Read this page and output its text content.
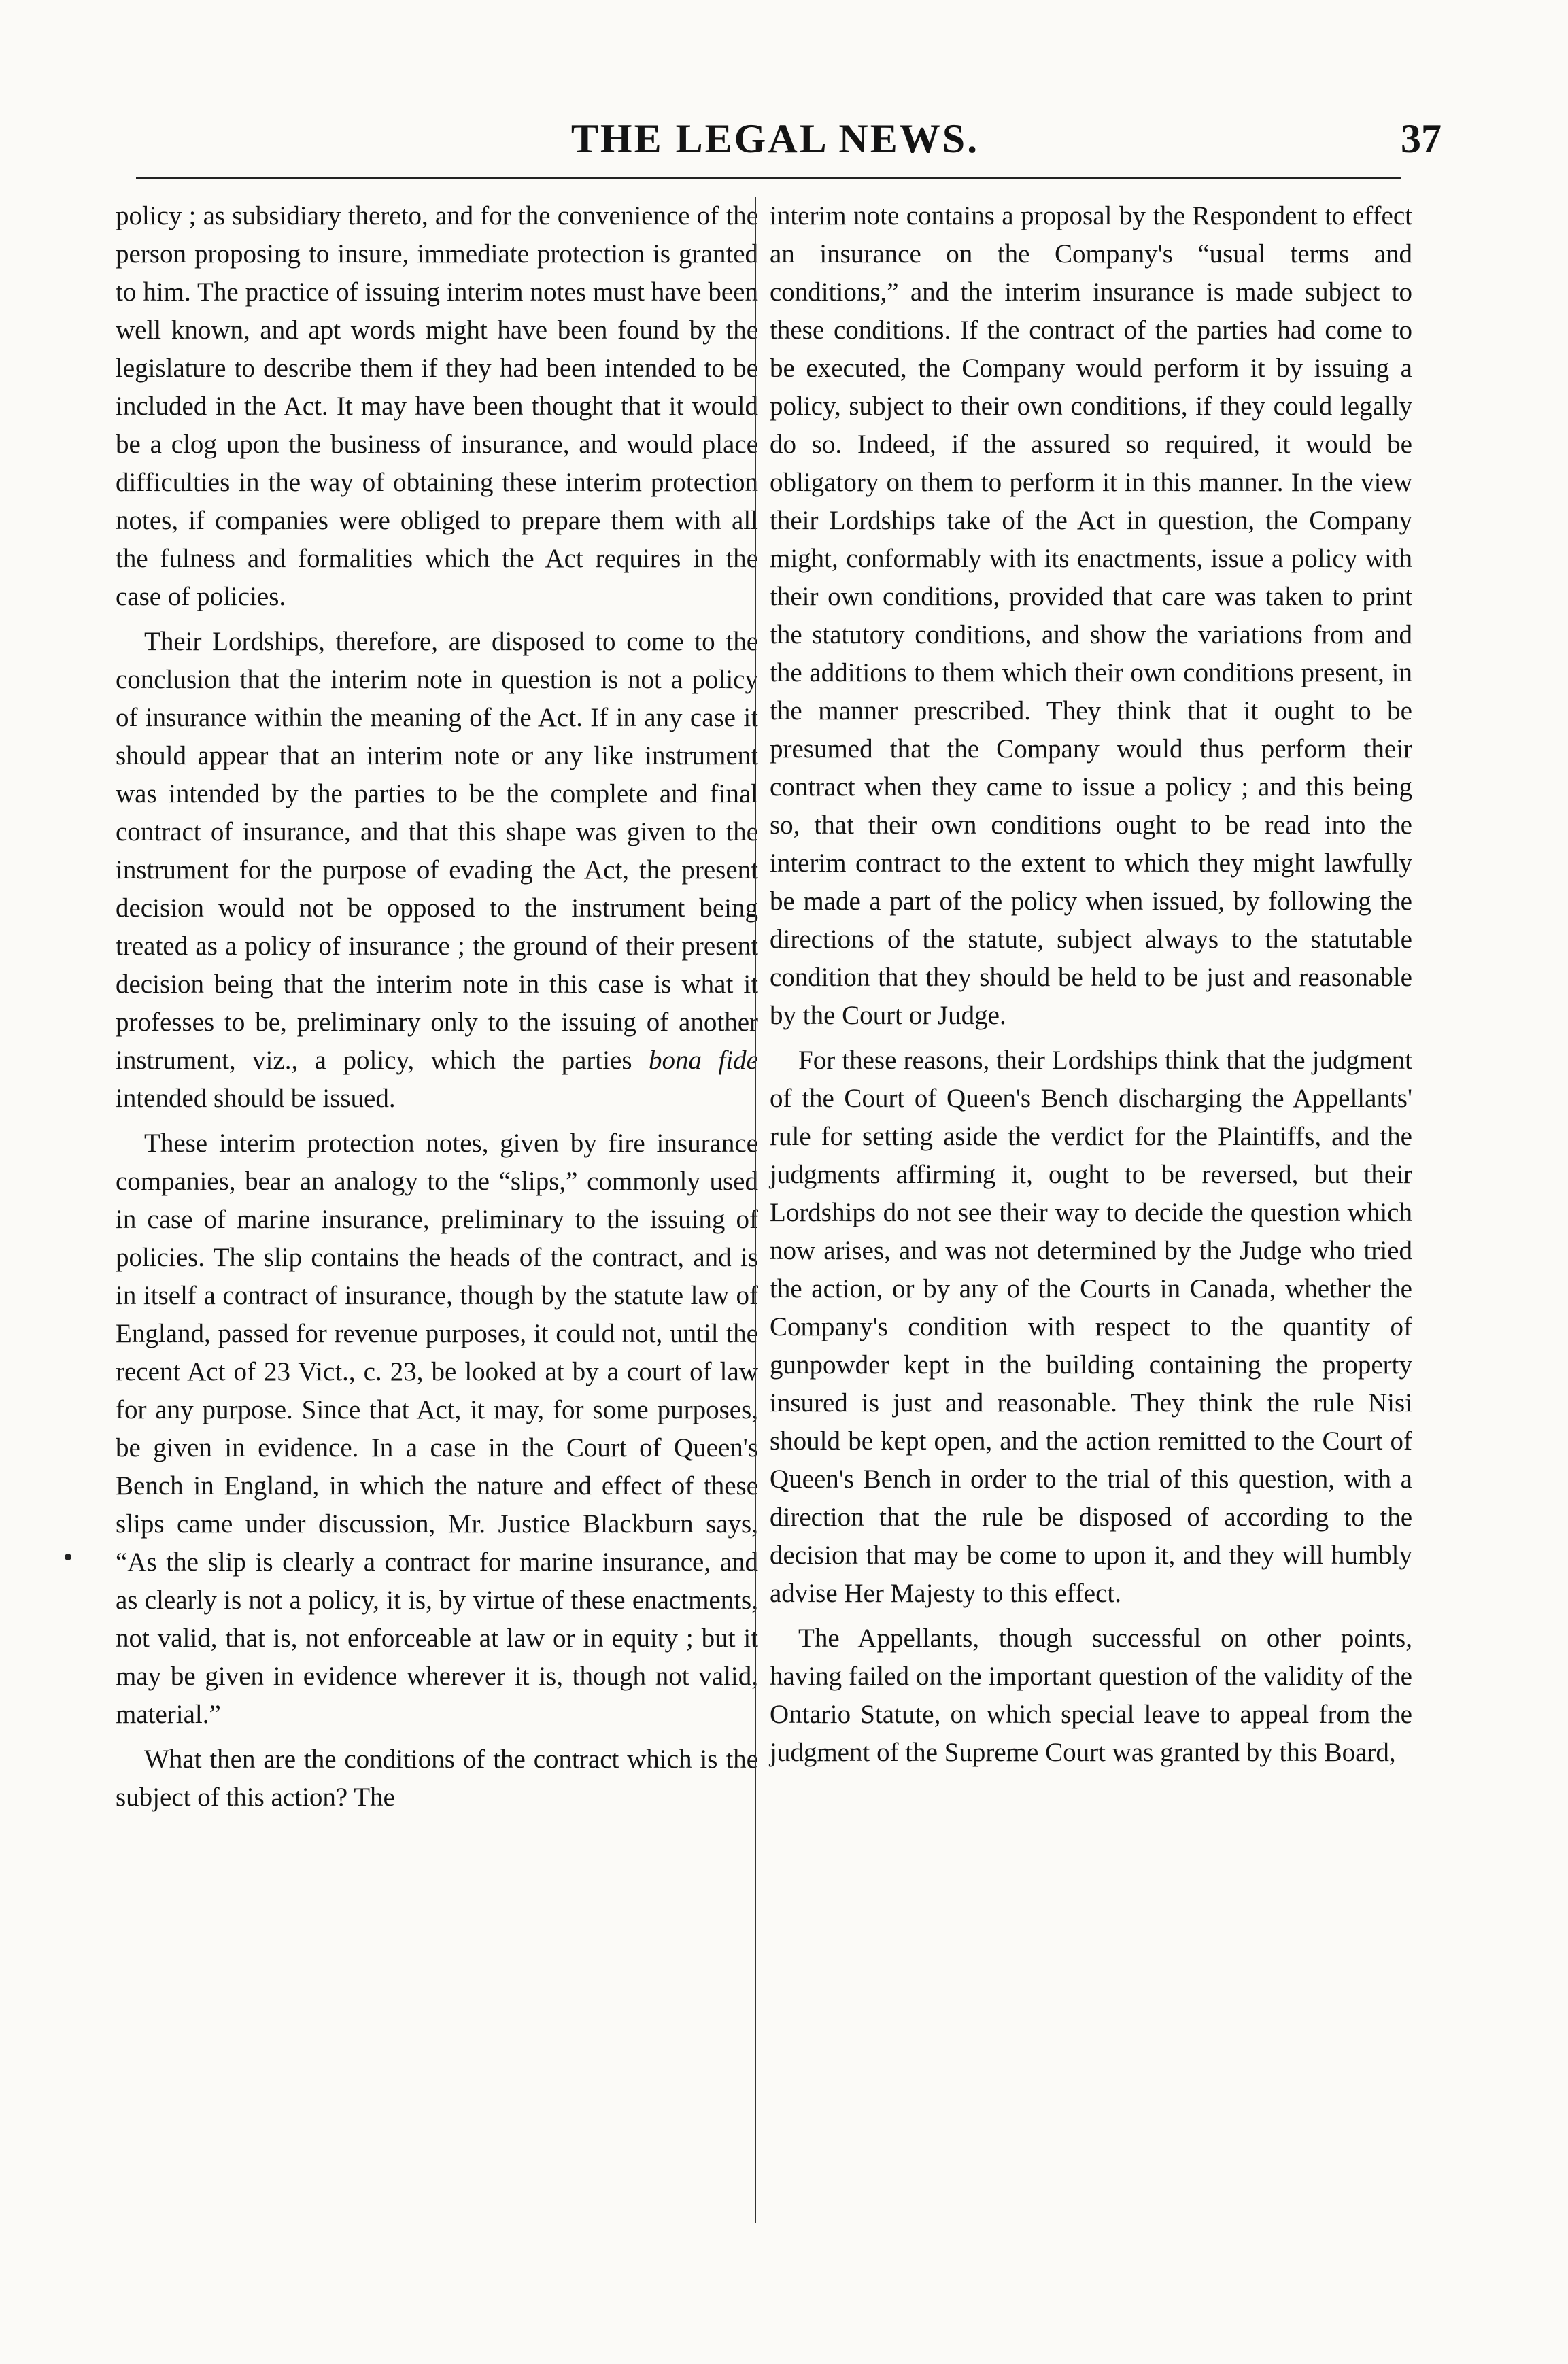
THE LEGAL NEWS.	37

policy ; as subsidiary thereto, and for the convenience of the person proposing to insure, immediate protection is granted to him. The practice of issuing interim notes must have been well known, and apt words might have been found by the legislature to describe them if they had been intended to be included in the Act. It may have been thought that it would be a clog upon the business of insurance, and would place difficulties in the way of obtaining these interim protection notes, if companies were obliged to prepare them with all the fulness and formalities which the Act requires in the case of policies.

Their Lordships, therefore, are disposed to come to the conclusion that the interim note in question is not a policy of insurance within the meaning of the Act. If in any case it should appear that an interim note or any like instrument was intended by the parties to be the complete and final contract of insurance, and that this shape was given to the instrument for the purpose of evading the Act, the present decision would not be opposed to the instrument being treated as a policy of insurance ; the ground of their present decision being that the interim note in this case is what it professes to be, preliminary only to the issuing of another instrument, viz., a policy, which the parties bona fide intended should be issued.

These interim protection notes, given by fire insurance companies, bear an analogy to the “slips,” commonly used in case of marine insurance, preliminary to the issuing of policies. The slip contains the heads of the contract, and is in itself a contract of insurance, though by the statute law of England, passed for revenue purposes, it could not, until the recent Act of 23 Vict., c. 23, be looked at by a court of law for any purpose. Since that Act, it may, for some purposes, be given in evidence. In a case in the Court of Queen's Bench in England, in which the nature and effect of these slips came under discussion, Mr. Justice Blackburn says, “As the slip is clearly a contract for marine insurance, and as clearly is not a policy, it is, by virtue of these enactments, not valid, that is, not enforceable at law or in equity ; but it may be given in evidence wherever it is, though not valid, material.”

What then are the conditions of the contract which is the subject of this action? The

interim note contains a proposal by the Respondent to effect an insurance on the Company's “usual terms and conditions,” and the interim insurance is made subject to these conditions. If the contract of the parties had come to be executed, the Company would perform it by issuing a policy, subject to their own conditions, if they could legally do so. Indeed, if the assured so required, it would be obligatory on them to perform it in this manner. In the view their Lordships take of the Act in question, the Company might, conformably with its enactments, issue a policy with their own conditions, provided that care was taken to print the statutory conditions, and show the variations from and the additions to them which their own conditions present, in the manner prescribed. They think that it ought to be presumed that the Company would thus perform their contract when they came to issue a policy ; and this being so, that their own conditions ought to be read into the interim contract to the extent to which they might lawfully be made a part of the policy when issued, by following the directions of the statute, subject always to the statutable condition that they should be held to be just and reasonable by the Court or Judge.

For these reasons, their Lordships think that the judgment of the Court of Queen's Bench discharging the Appellants' rule for setting aside the verdict for the Plaintiffs, and the judgments affirming it, ought to be reversed, but their Lordships do not see their way to decide the question which now arises, and was not determined by the Judge who tried the action, or by any of the Courts in Canada, whether the Company's condition with respect to the quantity of gunpowder kept in the building containing the property insured is just and reasonable. They think the rule Nisi should be kept open, and the action remitted to the Court of Queen's Bench in order to the trial of this question, with a direction that the rule be disposed of according to the decision that may be come to upon it, and they will humbly advise Her Majesty to this effect.

The Appellants, though successful on other points, having failed on the important question of the validity of the Ontario Statute, on which special leave to appeal from the judgment of the Supreme Court was granted by this Board,
